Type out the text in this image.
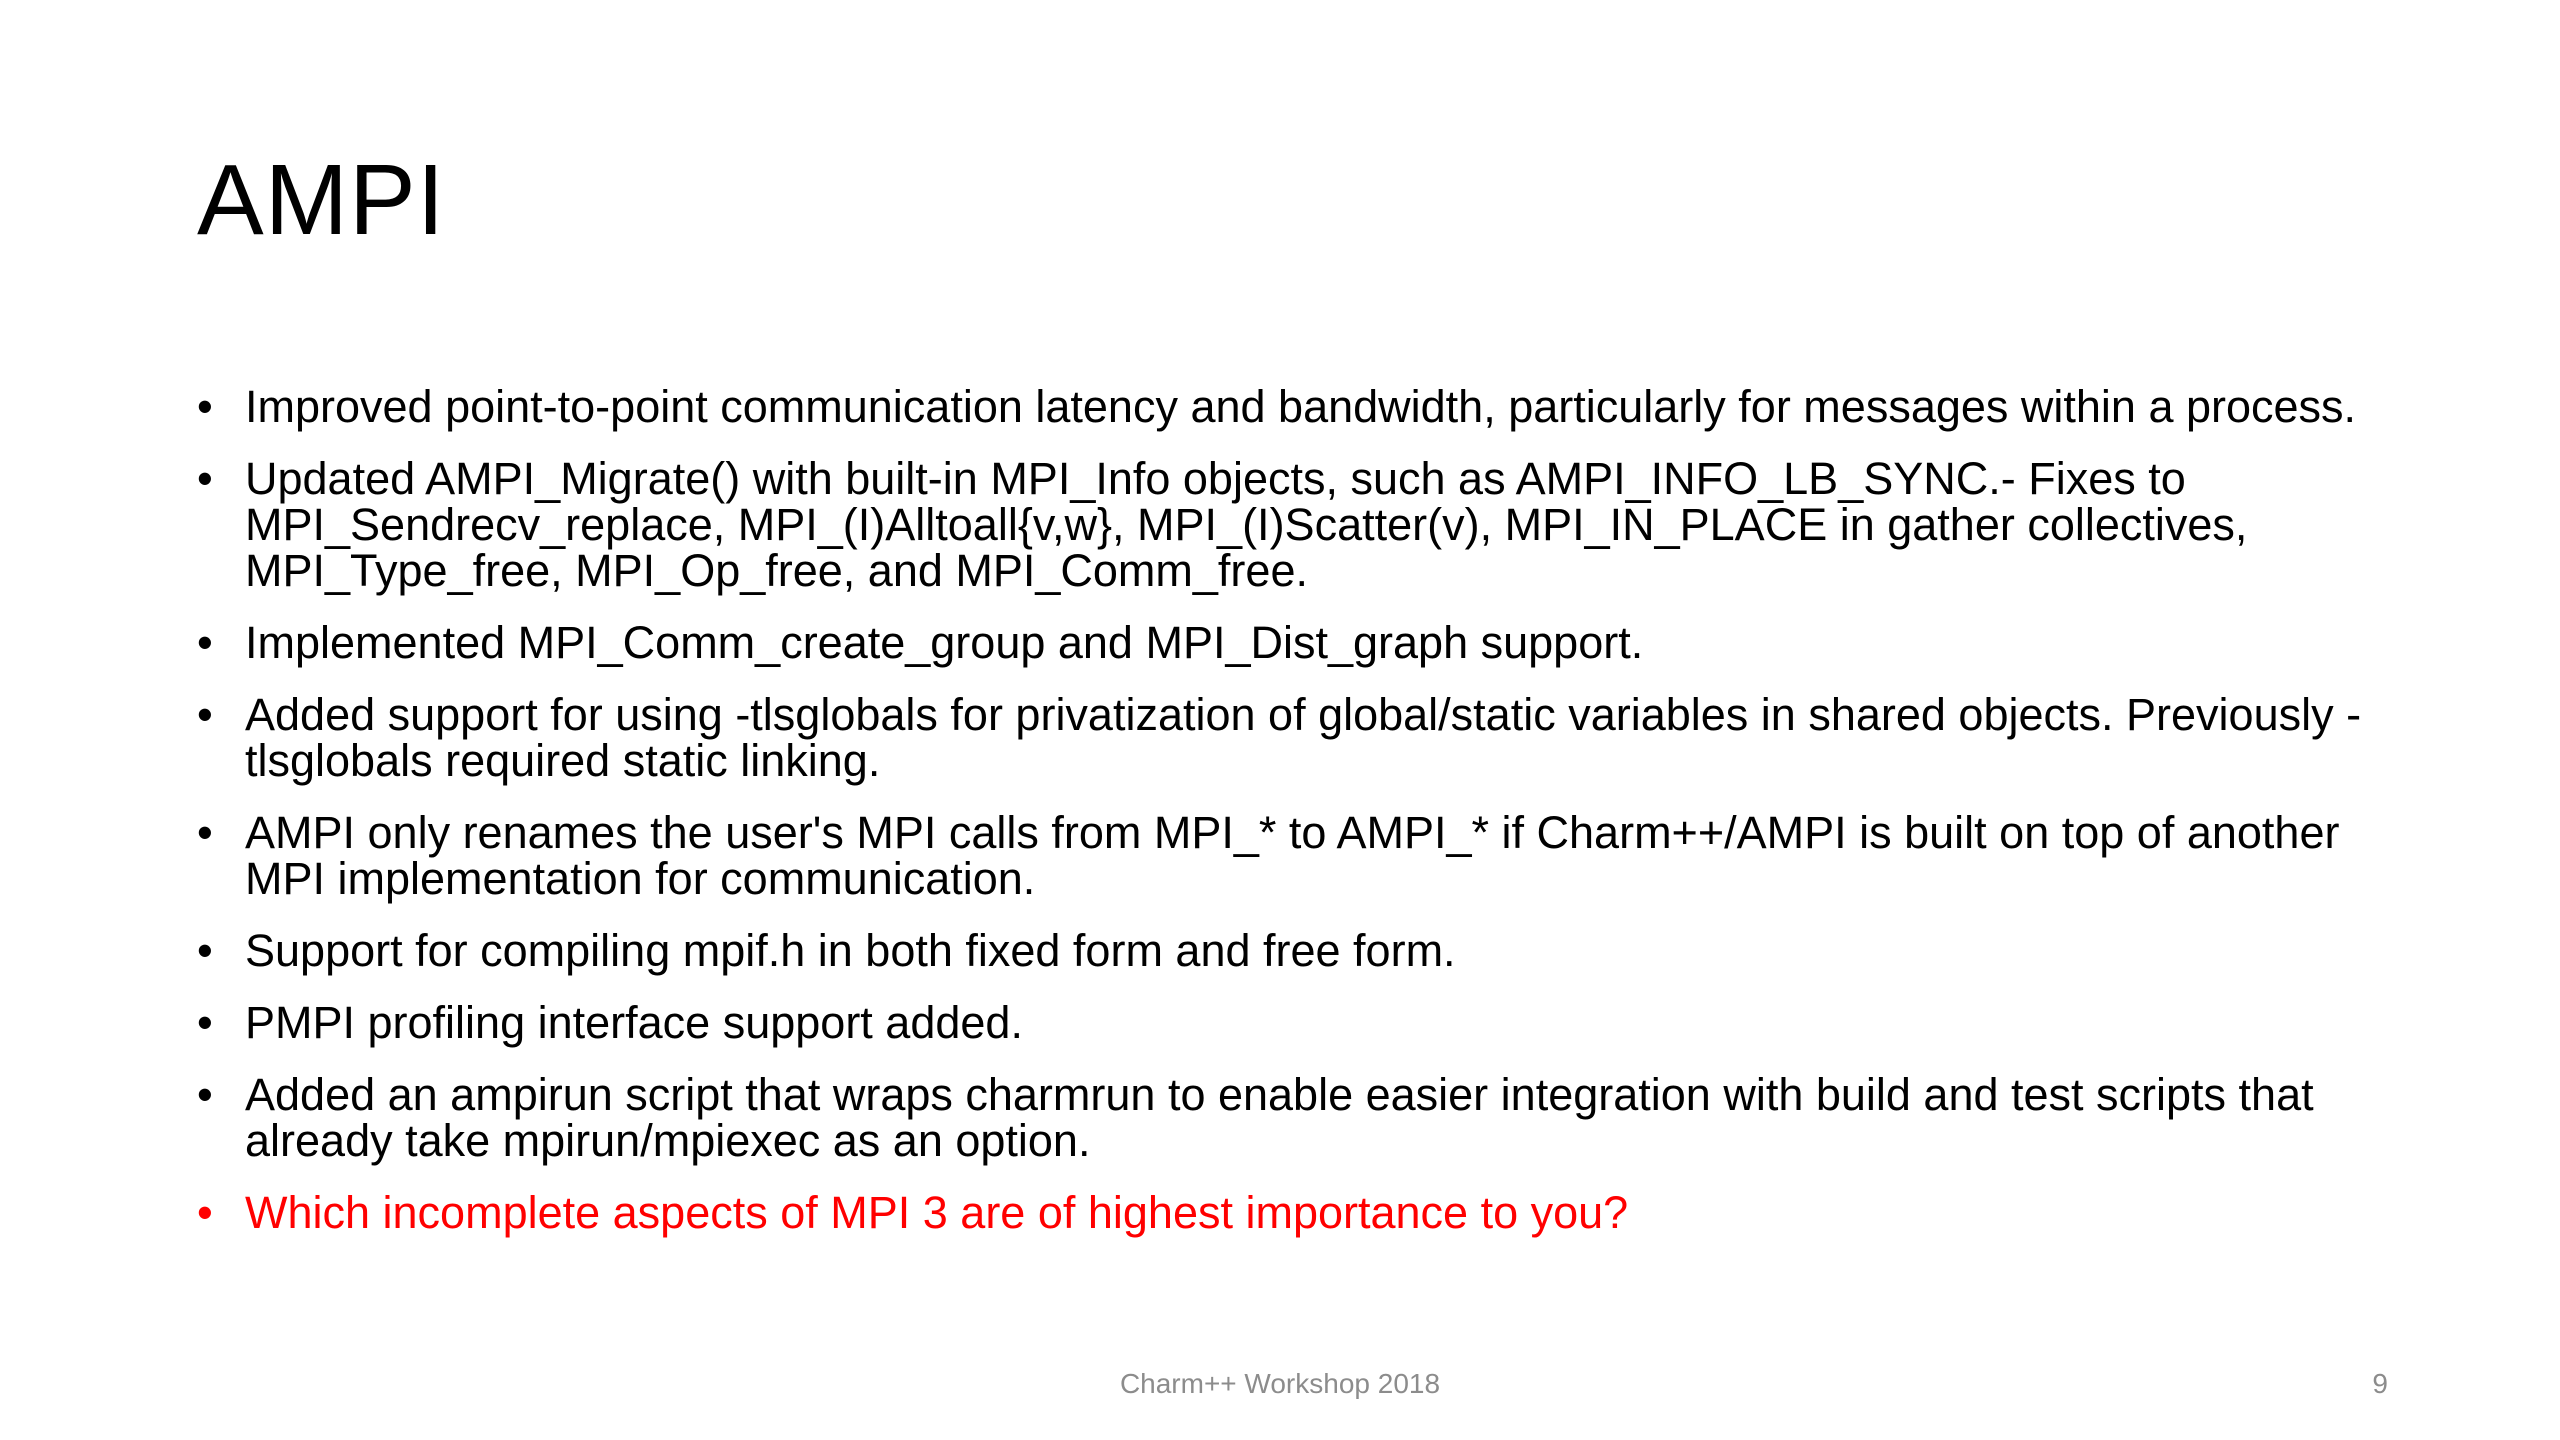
AMPI
• Improved point-to-point communication latency and bandwidth, particularly for messages within a process.
• Updated AMPI_Migrate() with built-in MPI_Info objects, such as AMPI_INFO_LB_SYNC.- Fixes to MPI_Sendrecv_replace, MPI_(I)Alltoall{v,w}, MPI_(I)Scatter(v), MPI_IN_PLACE in gather collectives, MPI_Type_free, MPI_Op_free, and MPI_Comm_free.
• Implemented MPI_Comm_create_group and MPI_Dist_graph support.
• Added support for using -tlsglobals for privatization of global/static variables in shared objects. Previously -tlsglobals required static linking.
• AMPI only renames the user's MPI calls from MPI_* to AMPI_* if Charm++/AMPI is built on top of another MPI implementation for communication.
• Support for compiling mpif.h in both fixed form and free form.
• PMPI profiling interface support added.
• Added an ampirun script that wraps charmrun to enable easier integration with build and test scripts that already take mpirun/mpiexec as an option.
• Which incomplete aspects of MPI 3 are of highest importance to you?
Charm++ Workshop 2018	9
